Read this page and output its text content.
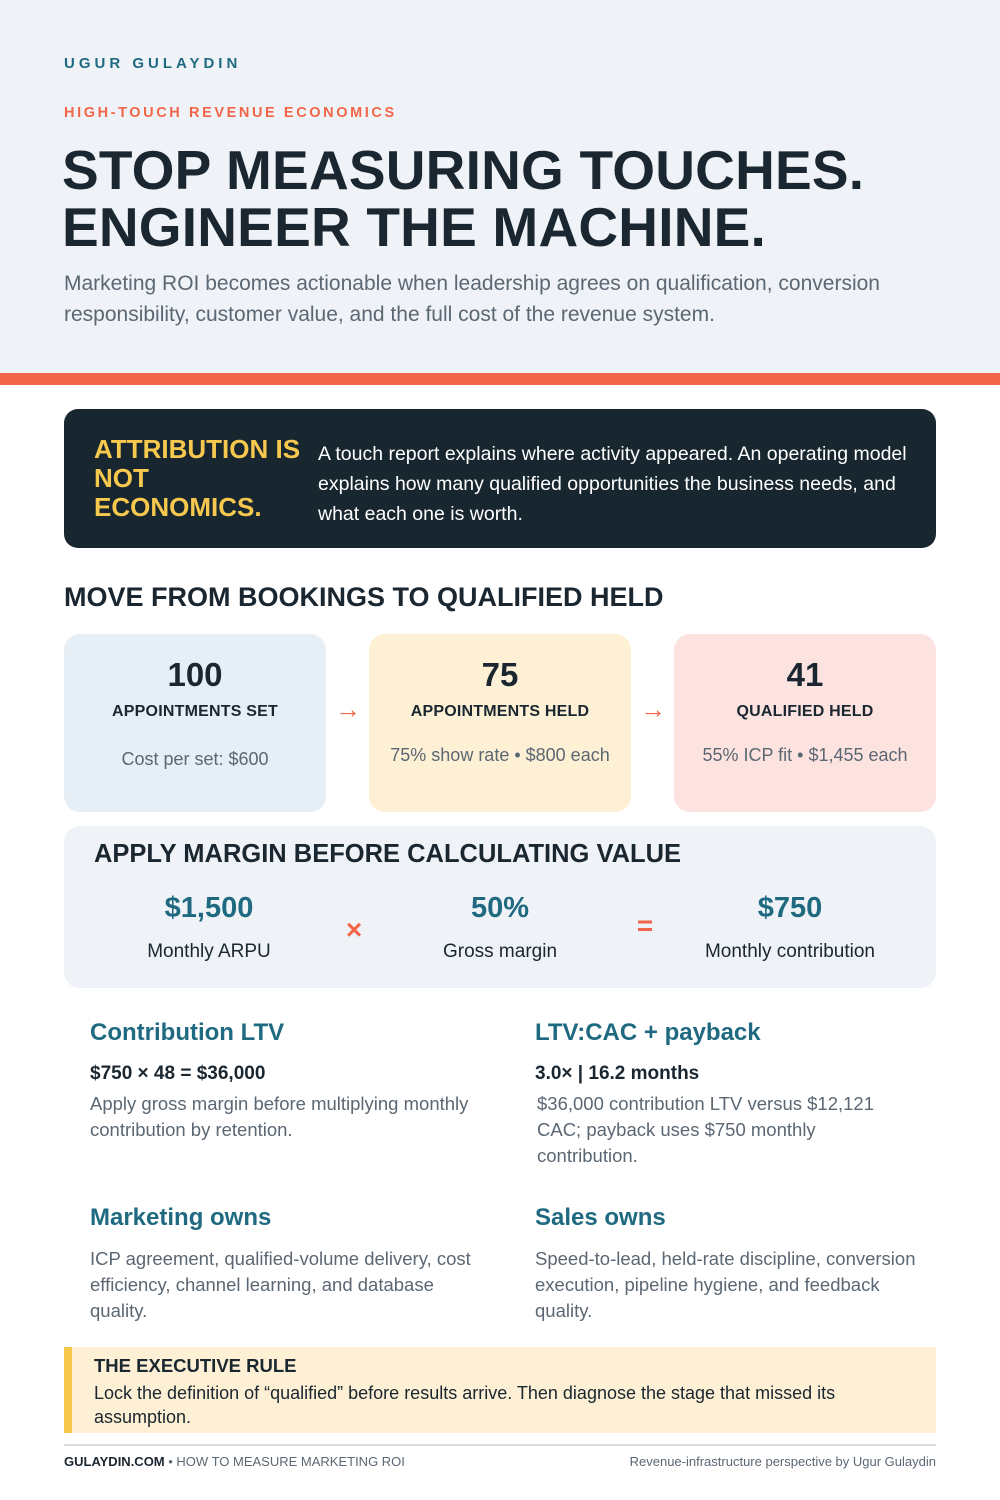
UGUR GULAYDIN
HIGH-TOUCH REVENUE ECONOMICS
STOP MEASURING TOUCHES.
ENGINEER THE MACHINE.

Marketing ROI becomes actionable when leadership agrees on qualification, conversion responsibility, customer value, and the full cost of the revenue system.

ATTRIBUTION IS NOT ECONOMICS.
A touch report explains where activity appeared. An operating model explains how many qualified opportunities the business needs, and what each one is worth.
MOVE FROM BOOKINGS TO QUALIFIED HELD
100
APPOINTMENTS SET
Cost per set: $600
→
75
APPOINTMENTS HELD
75% show rate • $800 each
→
41
QUALIFIED HELD
55% ICP fit • $1,455 each
APPLY MARGIN BEFORE CALCULATING VALUE
$1,500
Monthly ARPU
×
50%
Gross margin
=
$750
Monthly contribution
Contribution LTV
$750 × 48 = $36,000
Apply gross margin before multiplying monthly contribution by retention.
LTV:CAC + payback
3.0× | 16.2 months
$36,000 contribution LTV versus $12,121 CAC; payback uses $750 monthly contribution.
Marketing owns
ICP agreement, qualified-volume delivery, cost efficiency, channel learning, and database quality.
Sales owns
Speed-to-lead, held-rate discipline, conversion execution, pipeline hygiene, and feedback quality.
THE EXECUTIVE RULE
Lock the definition of “qualified” before results arrive. Then diagnose the stage that missed its assumption.
GULAYDIN.COM • HOW TO MEASURE MARKETING ROI	Revenue-infrastructure perspective by Ugur Gulaydin
